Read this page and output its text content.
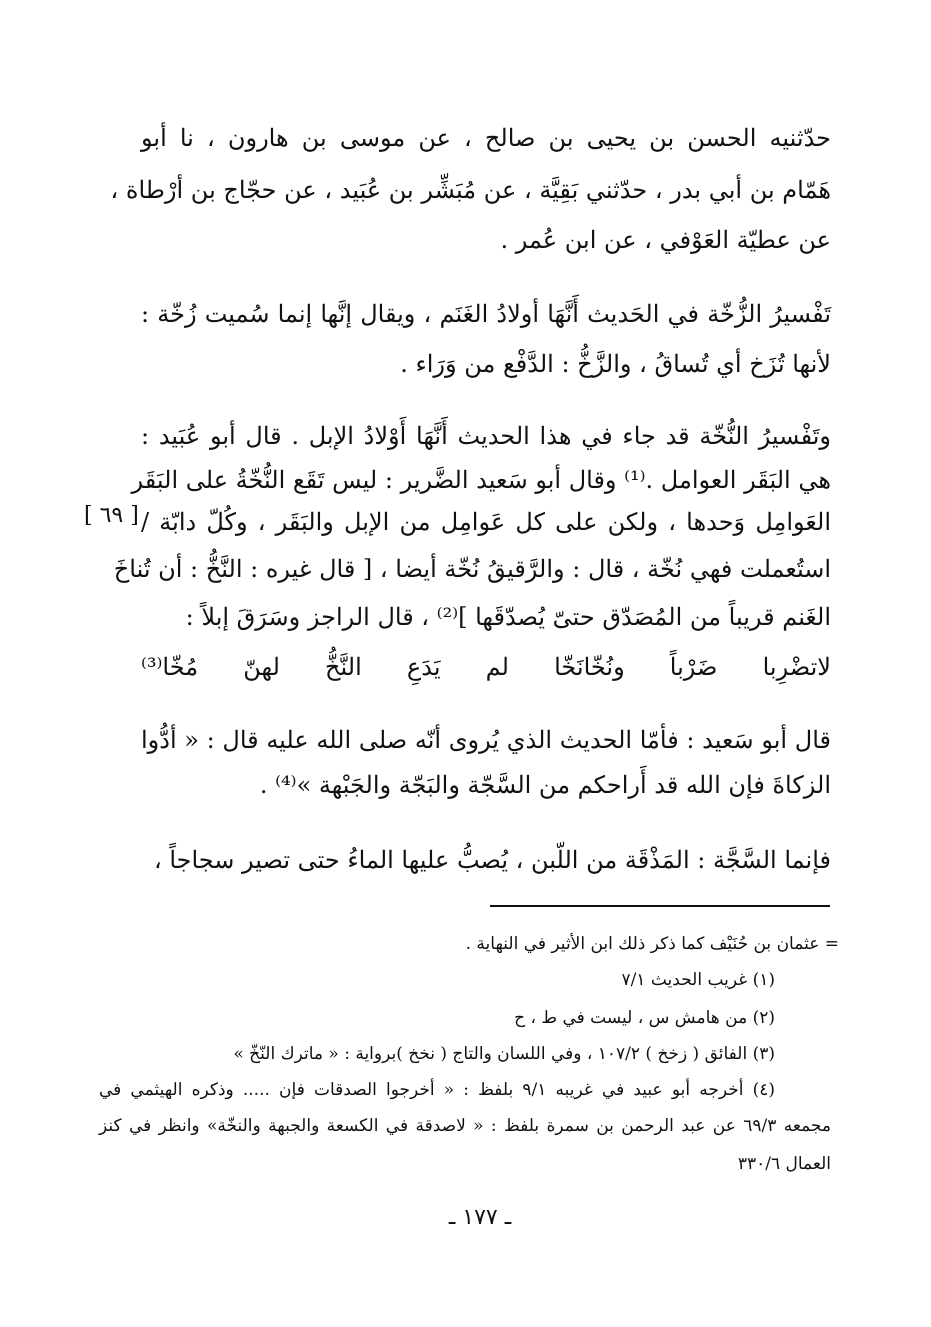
حدّثنيه الحسن بن يحيى بن صالح ، عن موسى بن هارون ، نا أبو
هَمّام بن أبي بدر ، حدّثني بَقِيَّة ، عن مُبَشِّر بن عُبَيد ، عن حجّاج بن أرْطاة ،
عن عطيّة العَوْفي ، عن ابن عُمر .
تَفْسيرُ الزُّخّة في الحَديث أَنَّهَا أولادُ الغَنَم ، ويقال إنَّها إنما سُميت زُخّة :
لأنها تُزَخ أي تُساقُ ، والزَّخُّ : الدَّفْع من وَرَاء .
وتَفْسيرُ النُّخّة قد جاء في هذا الحديث أَنَّهَا أَوْلادُ الإبل . قال أبو عُبَيد :
هي البَقَر العوامل .⁽¹⁾ وقال أبو سَعيد الضَّرير : ليس تَقَع النُّخّةُ على البَقَر
العَوامِل وَحدها ، ولكن على كل عَوامِل من الإبل والبَقَر ، وكُلّ دابّة /
استُعملت فهي نُخّة ، قال : والرَّقيقُ نُخّة أيضا ، [ قال غيره : النَّخُّ : أن تُناخَ
الغَنم قريباً من المُصَدّق حتىّ يُصدّقَها ]⁽²⁾ ، قال الراجز وسَرَقَ إبلاً :
[ ٦٩ ]
لاتضْرِبا ضَرْباً ونُخّانَخّا لم يَدَعِ النَّخُّ لهنّ مُخّا⁽³⁾
قال أبو سَعيد : فأمّا الحديث الذي يُروى أنّه صلى الله عليه قال : « أدُّوا
الزكاةَ فإن الله قد أَراحكم من السَّجّة والبَجّة والجَبْهة »⁽⁴⁾ .
فإنما السَّجَّة : المَذْقَة من اللّبن ، يُصبُّ عليها الماءُ حتى تصير سجاجاً ،
= عثمان بن حُنَيْف كما ذكر ذلك ابن الأثير في النهاية .
(١) غريب الحديث ٧/١
(٢) من هامش س ، ليست في ط ، ح
(٣) الفائق ( زخخ ) ١٠٧/٢ ، وفي اللسان والتاج ( نخخ )برواية : « ماترك النّخّ »
(٤) أخرجه أبو عبيد في غريبه ٩/١ بلفظ : « أخرجوا الصدقات فإن ..... وذكره الهيثمي في
مجمعه ٦٩/٣ عن عبد الرحمن بن سمرة بلفظ : « لاصدقة في الكسعة والجبهة والنخّة» وانظر في كنز
العمال ٣٣٠/٦
ـ ١٧٧ ـ
